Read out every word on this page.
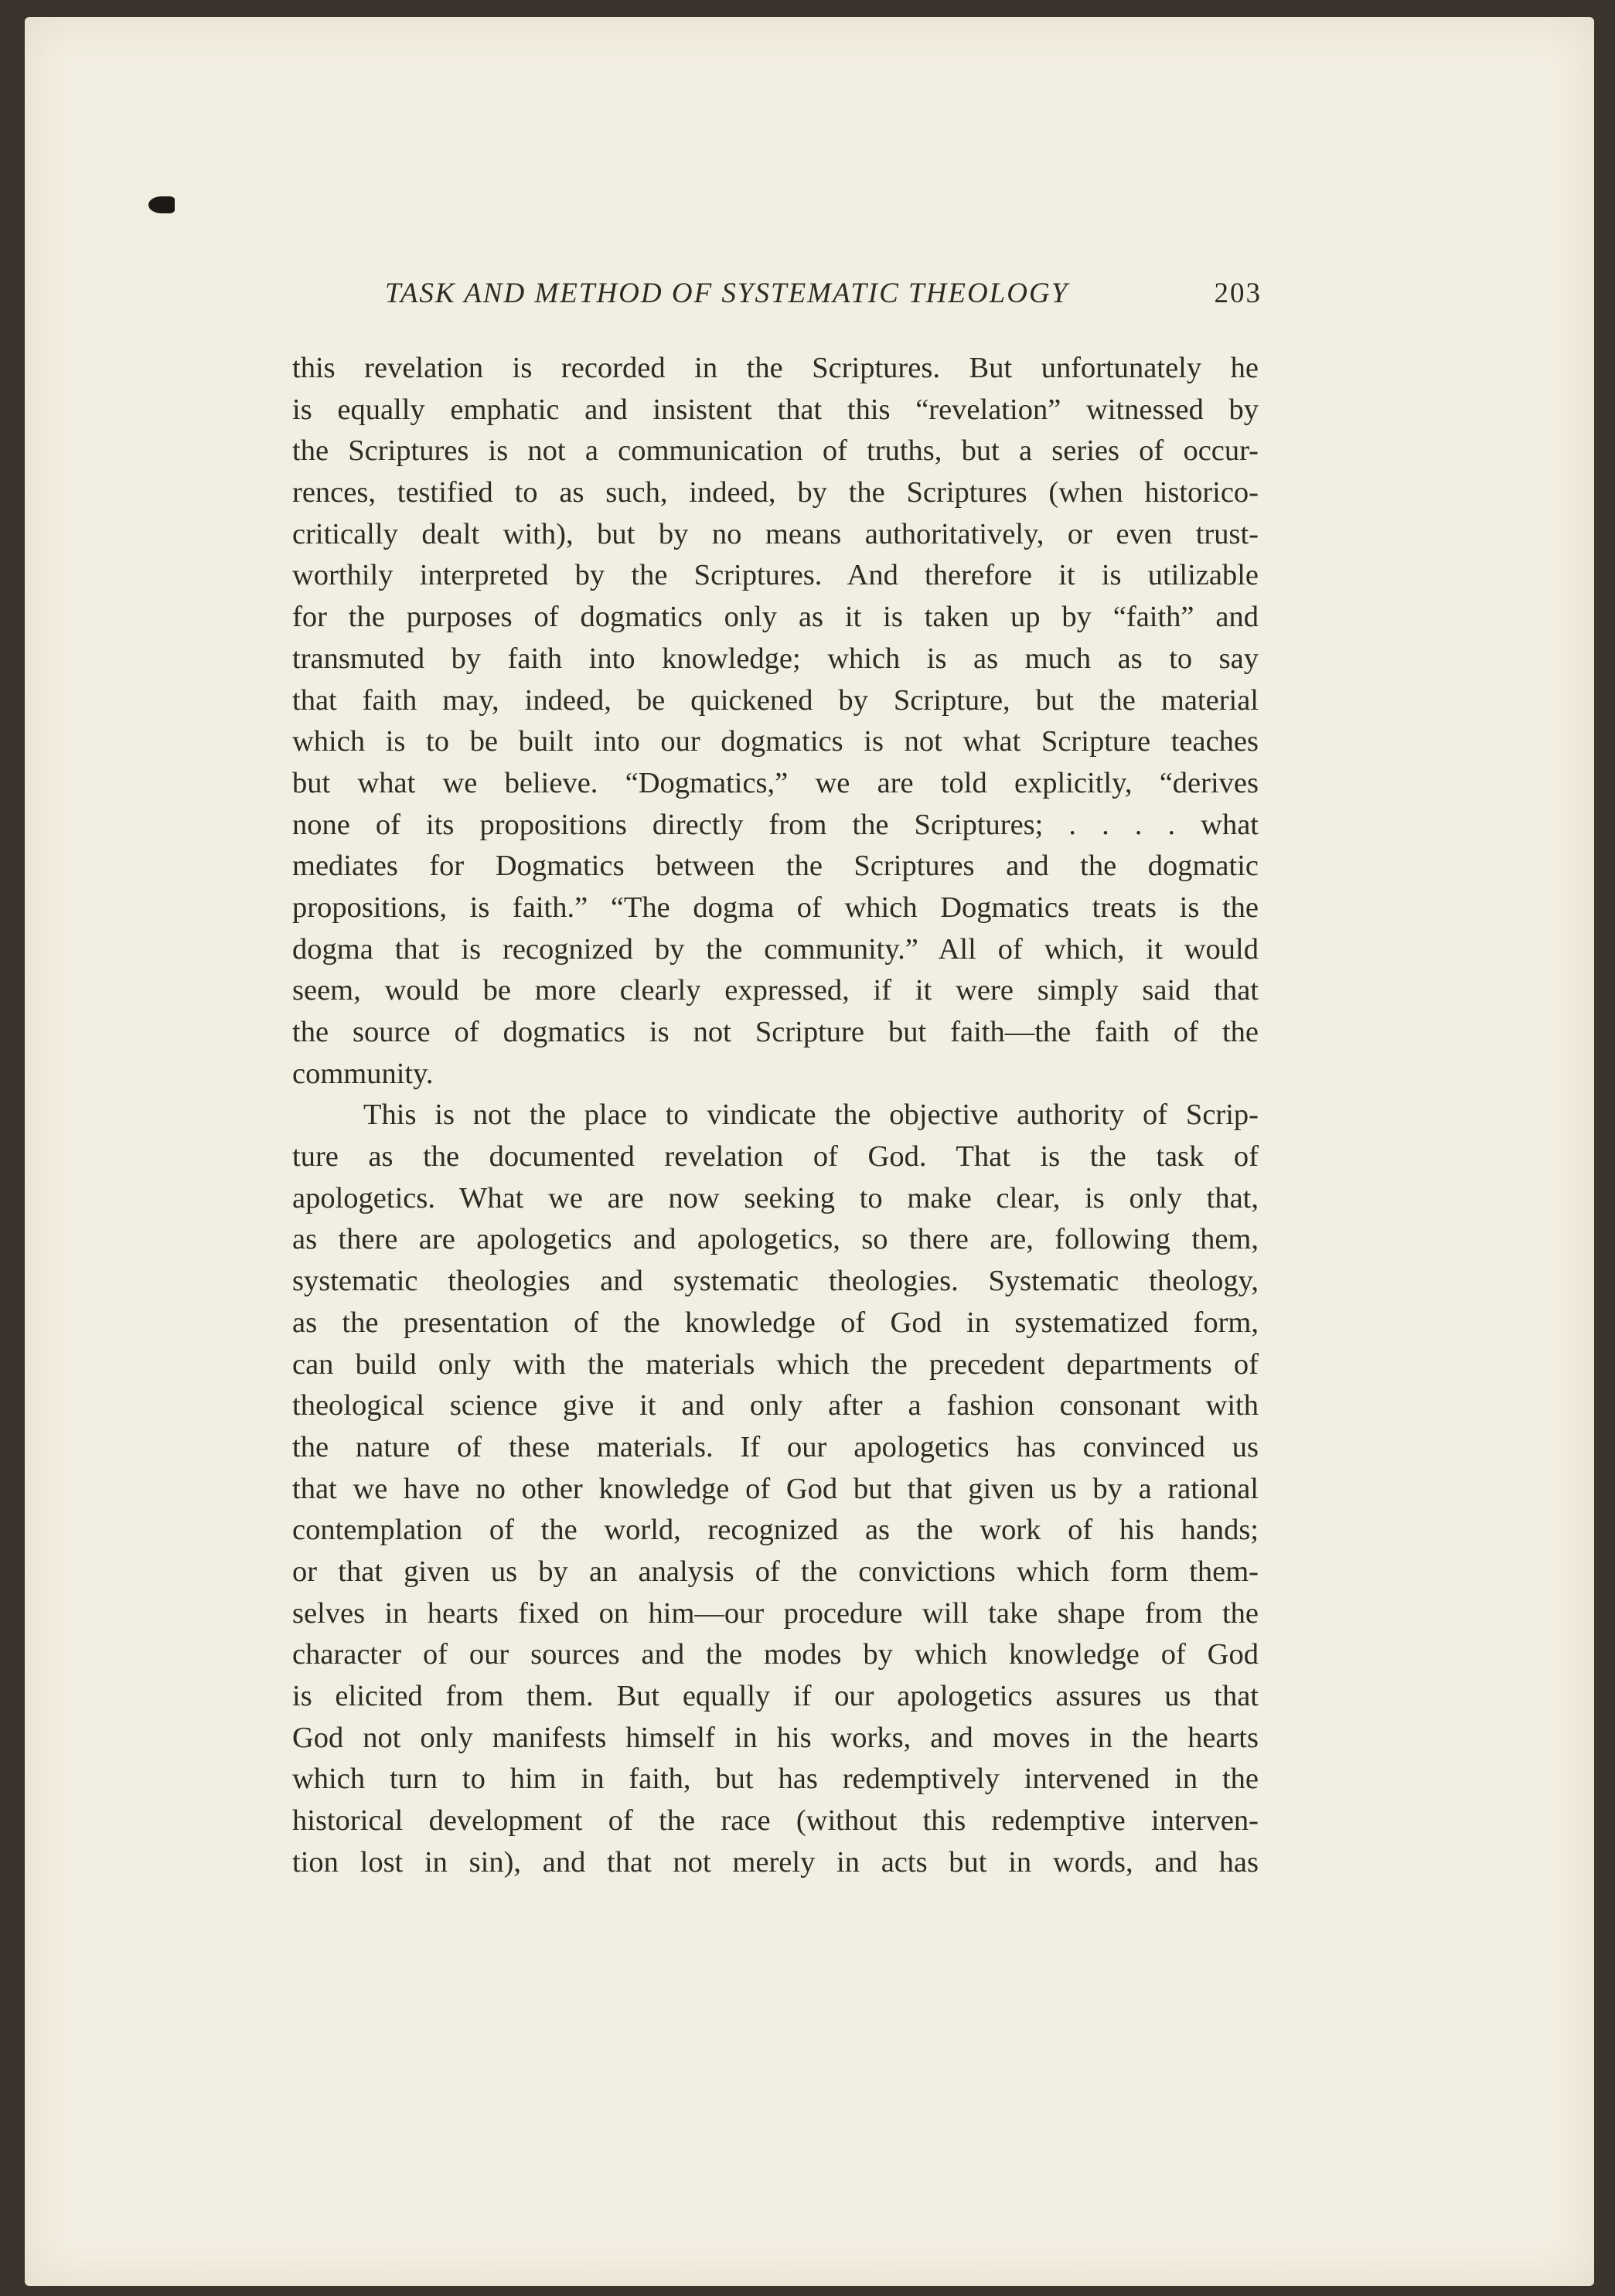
TASK AND METHOD OF SYSTEMATIC THEOLOGY	203
this revelation is recorded in the Scriptures. But unfortunately he
is equally emphatic and insistent that this “revelation” witnessed by
the Scriptures is not a communication of truths, but a series of occur-
rences, testified to as such, indeed, by the Scriptures (when historico-
critically dealt with), but by no means authoritatively, or even trust-
worthily interpreted by the Scriptures. And therefore it is utilizable
for the purposes of dogmatics only as it is taken up by “faith” and
transmuted by faith into knowledge; which is as much as to say
that faith may, indeed, be quickened by Scripture, but the material
which is to be built into our dogmatics is not what Scripture teaches
but what we believe. “Dogmatics,” we are told explicitly, “derives
none of its propositions directly from the Scriptures; . . . . what
mediates for Dogmatics between the Scriptures and the dogmatic
propositions, is faith.” “The dogma of which Dogmatics treats is the
dogma that is recognized by the community.” All of which, it would
seem, would be more clearly expressed, if it were simply said that
the source of dogmatics is not Scripture but faith—the faith of the
community.
This is not the place to vindicate the objective authority of Scrip-
ture as the documented revelation of God. That is the task of
apologetics. What we are now seeking to make clear, is only that,
as there are apologetics and apologetics, so there are, following them,
systematic theologies and systematic theologies. Systematic theology,
as the presentation of the knowledge of God in systematized form,
can build only with the materials which the precedent departments of
theological science give it and only after a fashion consonant with
the nature of these materials. If our apologetics has convinced us
that we have no other knowledge of God but that given us by a rational
contemplation of the world, recognized as the work of his hands;
or that given us by an analysis of the convictions which form them-
selves in hearts fixed on him—our procedure will take shape from the
character of our sources and the modes by which knowledge of God
is elicited from them. But equally if our apologetics assures us that
God not only manifests himself in his works, and moves in the hearts
which turn to him in faith, but has redemptively intervened in the
historical development of the race (without this redemptive interven-
tion lost in sin), and that not merely in acts but in words, and has
